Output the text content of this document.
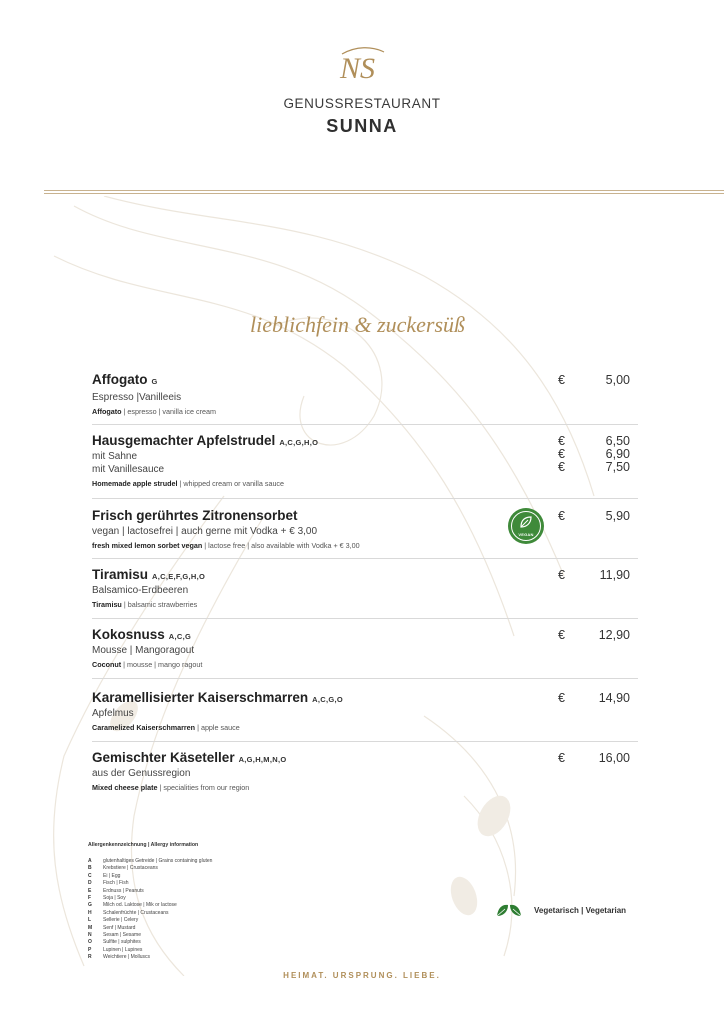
NS
GENUSSRESTAURANT
SUNNA
lieblichfein & zuckersüß
Affogato G
Espresso |Vanilleeis
Affogato | espresso | vanilla ice cream
€	5,00
Hausgemachter Apfelstrudel A,C,G,H,O
mit Sahne
mit Vanillesauce
Homemade apple strudel | whipped cream or vanilla sauce
€	6,50
€	6,90
€	7,50
Frisch gerührtes Zitronensorbet
vegan | lactosefrei | auch gerne mit Vodka + € 3,00
fresh mixed lemon sorbet vegan | lactose free | also available with Vodka + € 3,00
€	5,90
VEGAN
Tiramisu A,C,E,F,G,H,O
Balsamico-Erdbeeren
Tiramisu | balsamic strawberries
€	11,90
Kokosnuss A,C,G
Mousse | Mangoragout
Coconut | mousse | mango ragout
€	12,90
Karamellisierter Kaiserschmarren A,C,G,O
Apfelmus
Caramelized Kaiserschmarren | apple sauce
€	14,90
Gemischter Käseteller A,G,H,M,N,O
aus der Genussregion
Mixed cheese plate | specialities from our region
€	16,00
Allergenkennzeichnung | Allergy information
A	glutenhaltiges Getreide | Grains containing gluten
B	Krebstiere | Crustaceans
C	Ei | Egg
D	Fisch | Fish
E	Erdnuss | Peanuts
F	Soja | Soy
G	Milch od. Laktose | Mik or lactose
H	Schalenfrüchte | Crustaceans
L	Sellerie | Celery
M	Senf | Mustard
N	Sesam | Sesame
O	Sulfite | sulphites
P	Lupinen | Lupines
R	Weichtiere | Molluscs
Vegetarisch | Vegetarian
HEIMAT. URSPRUNG. LIEBE.
